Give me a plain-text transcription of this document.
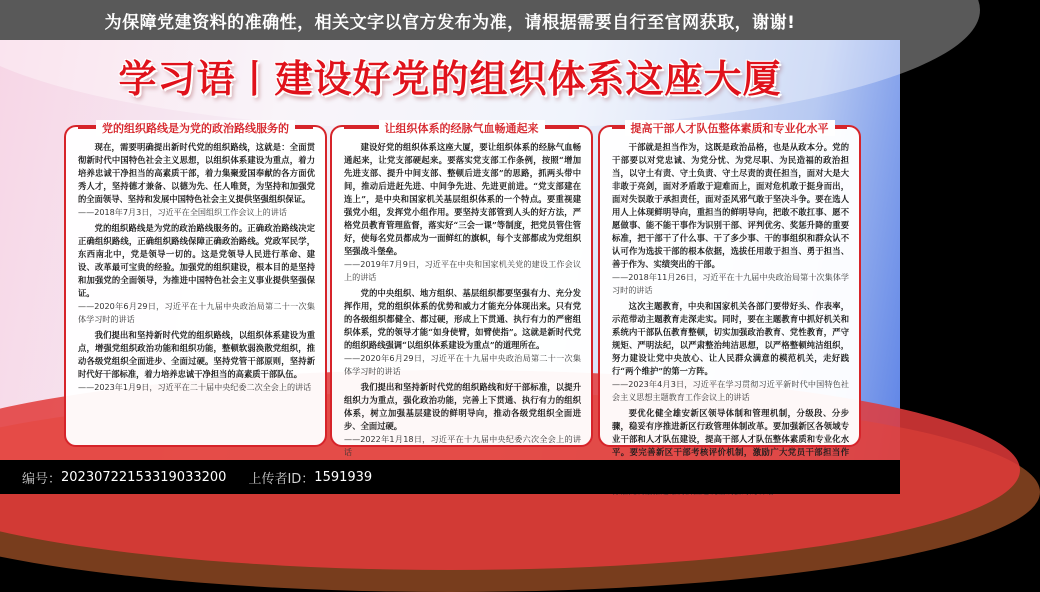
为保障党建资料的准确性，相关文字以官方发布为准，请根据需要自行至官网获取，谢谢!
学习语丨建设好党的组织体系这座大厦
党的组织路线是为党的政治路线服务的

现在，需要明确提出新时代党的组织路线，这就是：全面贯彻新时代中国特色社会主义思想，以组织体系建设为重点，着力培养忠诚干净担当的高素质干部，着力集聚爱国奉献的各方面优秀人才，坚持德才兼备、以德为先、任人唯贤，为坚持和加强党的全面领导、坚持和发展中国特色社会主义提供坚强组织保证。

——2018年7月3日，习近平在全国组织工作会议上的讲话

党的组织路线是为党的政治路线服务的。正确政治路线决定正确组织路线，正确组织路线保障正确政治路线。党政军民学，东西南北中，党是领导一切的。这是党领导人民进行革命、建设、改革最可宝贵的经验。加强党的组织建设，根本目的是坚持和加强党的全面领导，为推进中国特色社会主义事业提供坚强保证。

——2020年6月29日，习近平在十九届中央政治局第二十一次集体学习时的讲话

我们提出和坚持新时代党的组织路线，以组织体系建设为重点，增强党组织政治功能和组织功能，整顿软弱涣散党组织，推动各级党组织全面进步、全面过硬。坚持党管干部原则，坚持新时代好干部标准，着力培养忠诚干净担当的高素质干部队伍。

——2023年1月9日，习近平在二十届中央纪委二次全会上的讲话

让组织体系的经脉气血畅通起来

建设好党的组织体系这座大厦，要让组织体系的经脉气血畅通起来，让党支部硬起来。要落实党支部工作条例，按照“增加先进支部、提升中间支部、整顿后进支部”的思路，抓两头带中间，推动后进赶先进、中间争先进、先进更前进。“党支部建在连上”，是中央和国家机关基层组织体系的一个特点。要重视建强党小组，发挥党小组作用。要坚持支部管到人头的好方法，严格党员教育管理监督，落实好“三会一课”等制度，把党员管住管好，使每名党员都成为一面鲜红的旗帜，每个支部都成为党组织坚强战斗堡垒。

——2019年7月9日，习近平在中央和国家机关党的建设工作会议上的讲话

党的中央组织、地方组织、基层组织都要坚强有力、充分发挥作用，党的组织体系的优势和威力才能充分体现出来。只有党的各级组织都健全、都过硬，形成上下贯通、执行有力的严密组织体系，党的领导才能“如身使臂，如臂使指”。这就是新时代党的组织路线强调“以组织体系建设为重点”的道理所在。

——2020年6月29日，习近平在十九届中央政治局第二十一次集体学习时的讲话

我们提出和坚持新时代党的组织路线和好干部标准，以提升组织力为重点，强化政治功能，完善上下贯通、执行有力的组织体系，树立加强基层建设的鲜明导向，推动各级党组织全面进步、全面过硬。

——2022年1月18日，习近平在十九届中央纪委六次全会上的讲话

提高干部人才队伍整体素质和专业化水平

干部就是担当作为，这既是政治品格，也是从政本分。党的干部要以对党忠诚、为党分忧、为党尽职、为民造福的政治担当，以守土有责、守土负责、守土尽责的责任担当，面对大是大非敢于亮剑，面对矛盾敢于迎难而上，面对危机敢于挺身而出，面对失误敢于承担责任，面对歪风邪气敢于坚决斗争。要在选人用人上体现鲜明导向，重担当的鲜明导向，把敢不敢扛事、愿不愿做事、能不能干事作为识别干部、评判优劣、奖惩升降的重要标准，把干部干了什么事、干了多少事、干的事组织和群众认不认可作为选拔干部的根本依据，选拔任用敢于担当、勇于担当、善于作为、实绩突出的干部。

——2018年11月26日，习近平在十九届中央政治局第十次集体学习时的讲话

这次主题教育，中央和国家机关各部门要带好头、作表率，示范带动主题教育走深走实。同时，要在主题教育中抓好机关和系统内干部队伍教育整顿，切实加强政治教育、党性教育，严守规矩、严明法纪，以严肃整治纯洁思想，以严格整顿纯洁组织，努力建设让党中央放心、让人民群众满意的模范机关，走好践行“两个维护”的第一方阵。

——2023年4月3日，习近平在学习贯彻习近平新时代中国特色社会主义思想主题教育工作会议上的讲话

要优化健全雄安新区领导体制和管理机制，分级段、分步骤，稳妥有序推进新区行政管理体制改革。要加强新区各领域专业干部和人才队伍建设，提高干部人才队伍整体素质和专业化水平。要完善新区干部考核评价机制，激励广大党员干部担当作

编号： 20230722153319033200 上传者ID： 1591939
